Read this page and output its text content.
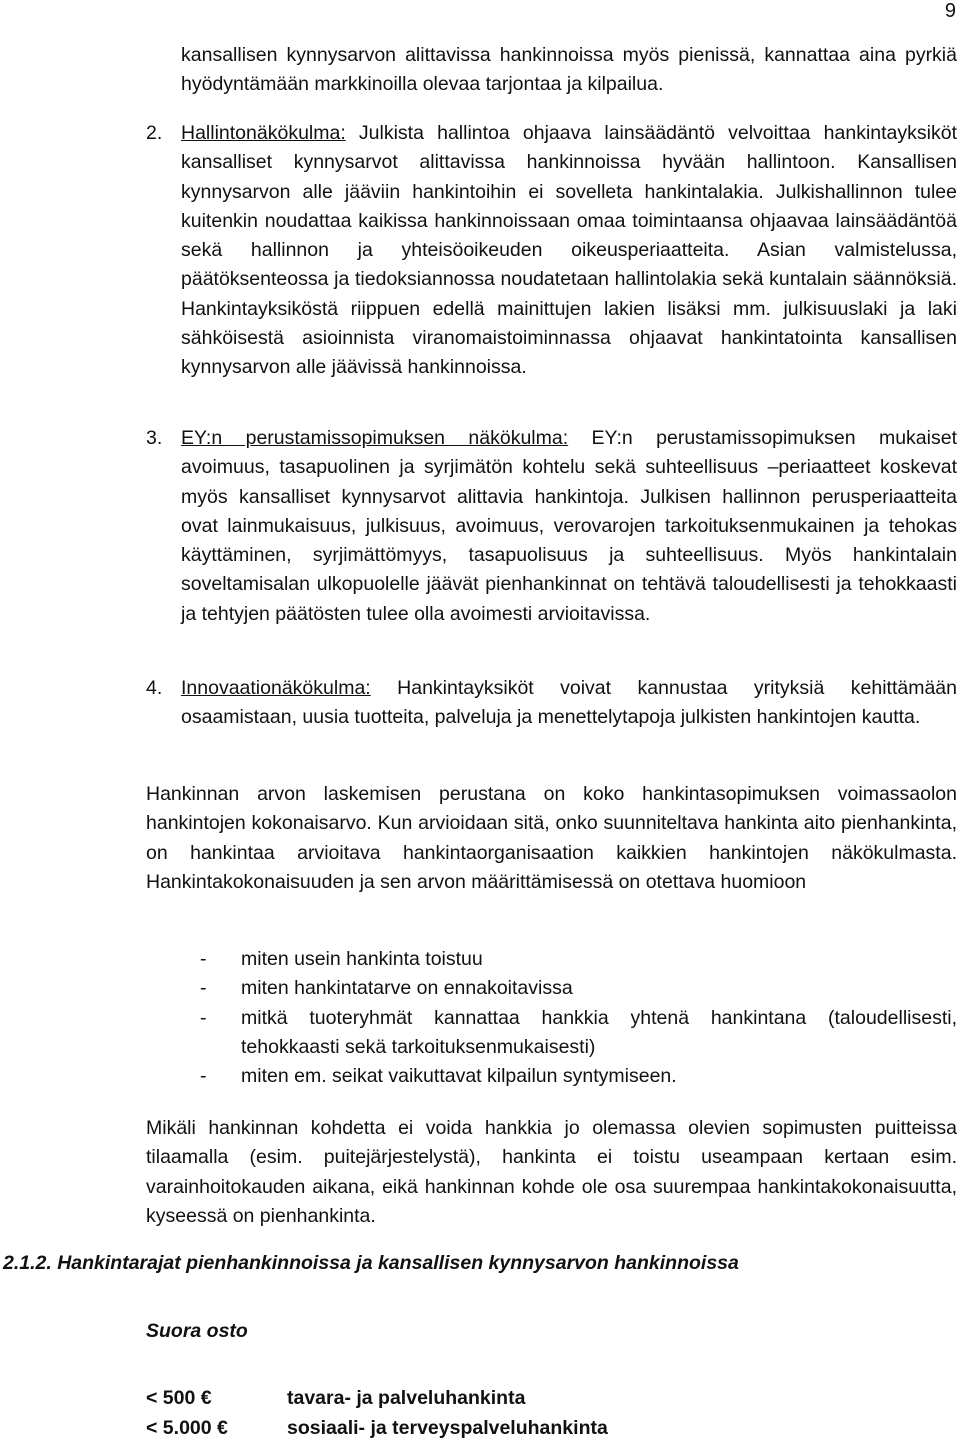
9

kansallisen kynnysarvon alittavissa hankinnoissa myös pienissä, kannattaa aina pyrkiä hyödyntämään markkinoilla olevaa tarjontaa ja kilpailua.

2. Hallintonäkökulma: Julkista hallintoa ohjaava lainsäädäntö velvoittaa hankintayksiköt kansalliset kynnysarvot alittavissa hankinnoissa hyvään hallintoon. Kansallisen kynnysarvon alle jääviin hankintoihin ei sovelleta hankintalakia. Julkishallinnon tulee kuitenkin noudattaa kaikissa hankinnoissaan omaa toimintaansa ohjaavaa lainsäädäntöä sekä hallinnon ja yhteisöoikeuden oikeusperiaatteita. Asian valmistelussa, päätöksenteossa ja tiedoksiannossa noudatetaan hallintolakia sekä kuntalain säännöksiä. Hankintayksiköstä riippuen edellä mainittujen lakien lisäksi mm. julkisuuslaki ja laki sähköisestä asioinnista viranomaistoiminnassa ohjaavat hankintatointa kansallisen kynnysarvon alle jäävissä hankinnoissa.

3. EY:n perustamissopimuksen näkökulma: EY:n perustamissopimuksen mukaiset avoimuus, tasapuolinen ja syrjimätön kohtelu sekä suhteellisuus –periaatteet koskevat myös kansalliset kynnysarvot alittavia hankintoja. Julkisen hallinnon perusperiaatteita ovat lainmukaisuus, julkisuus, avoimuus, verovarojen tarkoituksenmukainen ja tehokas käyttäminen, syrjimättömyys, tasapuolisuus ja suhteellisuus. Myös hankintalain soveltamisalan ulkopuolelle jäävät pienhankinnat on tehtävä taloudellisesti ja tehokkaasti ja tehtyjen päätösten tulee olla avoimesti arvioitavissa.

4. Innovaationäkökulma: Hankintayksiköt voivat kannustaa yrityksiä kehittämään osaamistaan, uusia tuotteita, palveluja ja menettelytapoja julkisten hankintojen kautta.

Hankinnan arvon laskemisen perustana on koko hankintasopimuksen voimassaolon hankintojen kokonaisarvo. Kun arvioidaan sitä, onko suunniteltava hankinta aito pienhankinta, on hankintaa arvioitava hankintaorganisaation kaikkien hankintojen näkökulmasta. Hankintakokonaisuuden ja sen arvon määrittämisessä on otettava huomioon

- miten usein hankinta toistuu
- miten hankintatarve on ennakoitavissa
- mitkä tuoteryhmät kannattaa hankkia yhtenä hankintana (taloudellisesti, tehokkaasti sekä tarkoituksenmukaisesti)
- miten em. seikat vaikuttavat kilpailun syntymiseen.

Mikäli hankinnan kohdetta ei voida hankkia jo olemassa olevien sopimusten puitteissa tilaamalla (esim. puitejärjestelystä), hankinta ei toistu useampaan kertaan esim. varainhoitokauden aikana, eikä hankinnan kohde ole osa suurempaa hankintakokonaisuutta, kyseessä on pienhankinta.

2.1.2. Hankintarajat pienhankinnoissa ja kansallisen kynnysarvon hankinnoissa
Suora osto
< 500 €	tavara- ja palveluhankinta
< 5.000 €	sosiaali- ja terveyspalveluhankinta
